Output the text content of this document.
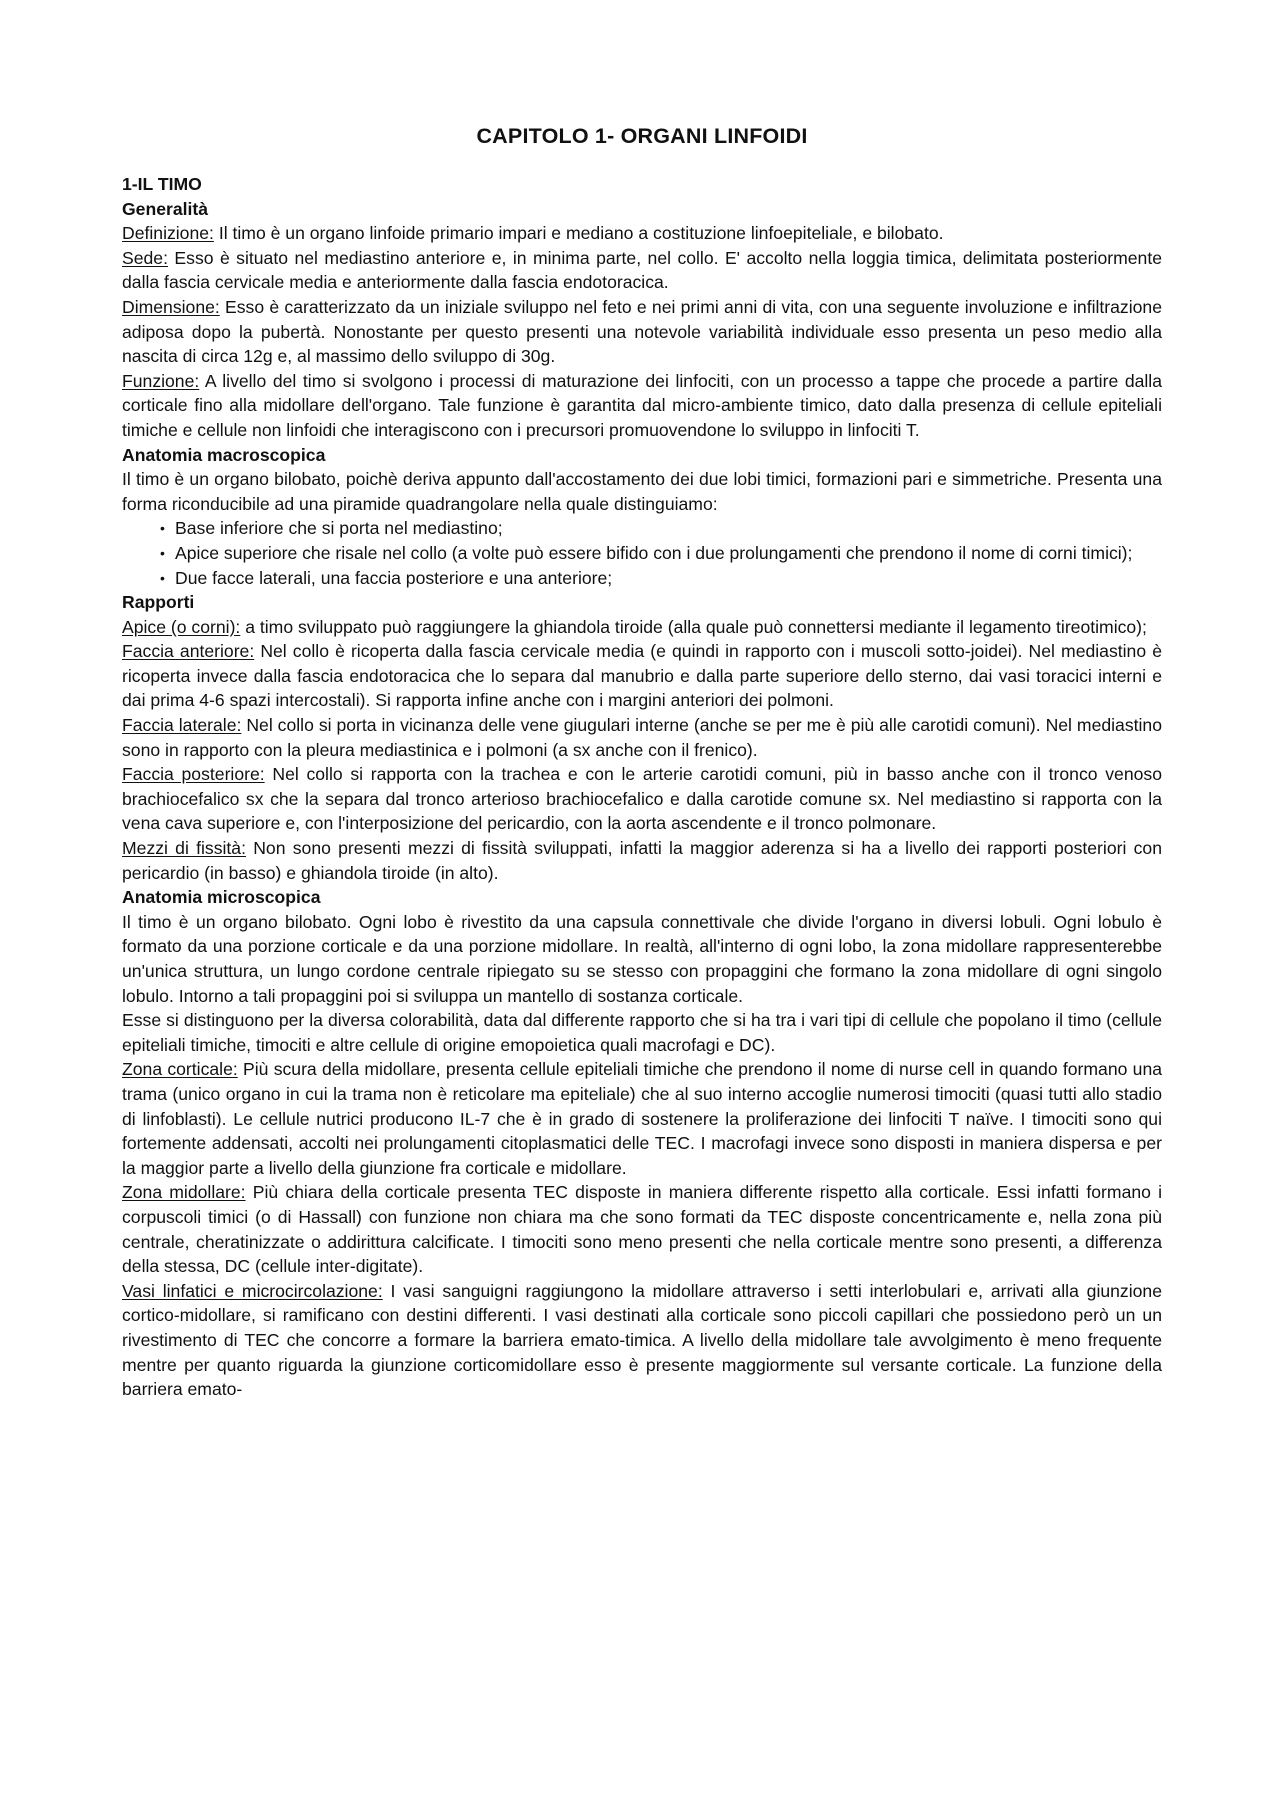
CAPITOLO 1- ORGANI LINFOIDI
1-IL TIMO
Generalità

Definizione: Il timo è un organo linfoide primario impari e mediano a costituzione linfoepiteliale, e bilobato.

Sede: Esso è situato nel mediastino anteriore e, in minima parte, nel collo. E' accolto nella loggia timica, delimitata posteriormente dalla fascia cervicale media e anteriormente dalla fascia endotoracica.

Dimensione: Esso è caratterizzato da un iniziale sviluppo nel feto e nei primi anni di vita, con una seguente involuzione e infiltrazione adiposa dopo la pubertà. Nonostante per questo presenti una notevole variabilità individuale esso presenta un peso medio alla nascita di circa 12g e, al massimo dello sviluppo di 30g.

Funzione: A livello del timo si svolgono i processi di maturazione dei linfociti, con un processo a tappe che procede a partire dalla corticale fino alla midollare dell'organo. Tale funzione è garantita dal micro-ambiente timico, dato dalla presenza di cellule epiteliali timiche e cellule non linfoidi che interagiscono con i precursori promuovendone lo sviluppo in linfociti T.

Anatomia macroscopica

Il timo è un organo bilobato, poichè deriva appunto dall'accostamento dei due lobi timici, formazioni pari e simmetriche. Presenta una forma riconducibile ad una piramide quadrangolare nella quale distinguiamo:

• Base inferiore che si porta nel mediastino;
• Apice superiore che risale nel collo (a volte può essere bifido con i due prolungamenti che prendono il nome di corni timici);
• Due facce laterali, una faccia posteriore e una anteriore;
Rapporti

Apice (o corni): a timo sviluppato può raggiungere la ghiandola tiroide (alla quale può connettersi mediante il legamento tireotimico);

Faccia anteriore: Nel collo è ricoperta dalla fascia cervicale media (e quindi in rapporto con i muscoli sotto-joidei). Nel mediastino è ricoperta invece dalla fascia endotoracica che lo separa dal manubrio e dalla parte superiore dello sterno, dai vasi toracici interni e dai prima 4-6 spazi intercostali). Si rapporta infine anche con i margini anteriori dei polmoni.

Faccia laterale: Nel collo si porta in vicinanza delle vene giugulari interne (anche se per me è più alle carotidi comuni). Nel mediastino sono in rapporto con la pleura mediastinica e i polmoni (a sx anche con il frenico).

Faccia posteriore: Nel collo si rapporta con la trachea e con le arterie carotidi comuni, più in basso anche con il tronco venoso brachiocefalico sx che la separa dal tronco arterioso brachiocefalico e dalla carotide comune sx. Nel mediastino si rapporta con la vena cava superiore e, con l'interposizione del pericardio, con la aorta ascendente e il tronco polmonare.

Mezzi di fissità: Non sono presenti mezzi di fissità sviluppati, infatti la maggior aderenza si ha a livello dei rapporti posteriori con pericardio (in basso) e ghiandola tiroide (in alto).

Anatomia microscopica

Il timo è un organo bilobato. Ogni lobo è rivestito da una capsula connettivale che divide l'organo in diversi lobuli. Ogni lobulo è formato da una porzione corticale e da una porzione midollare. In realtà, all'interno di ogni lobo, la zona midollare rappresenterebbe un'unica struttura, un lungo cordone centrale ripiegato su se stesso con propaggini che formano la zona midollare di ogni singolo lobulo. Intorno a tali propaggini poi si sviluppa un mantello di sostanza corticale.

Esse si distinguono per la diversa colorabilità, data dal differente rapporto che si ha tra i vari tipi di cellule che popolano il timo (cellule epiteliali timiche, timociti e altre cellule di origine emopoietica quali macrofagi e DC).

Zona corticale: Più scura della midollare, presenta cellule epiteliali timiche che prendono il nome di nurse cell in quando formano una trama (unico organo in cui la trama non è reticolare ma epiteliale) che al suo interno accoglie numerosi timociti (quasi tutti allo stadio di linfoblasti). Le cellule nutrici producono IL-7 che è in grado di sostenere la proliferazione dei linfociti T naïve. I timociti sono qui fortemente addensati, accolti nei prolungamenti citoplasmatici delle TEC. I macrofagi invece sono disposti in maniera dispersa e per la maggior parte a livello della giunzione fra corticale e midollare.

Zona midollare: Più chiara della corticale presenta TEC disposte in maniera differente rispetto alla corticale. Essi infatti formano i corpuscoli timici (o di Hassall) con funzione non chiara ma che sono formati da TEC disposte concentricamente e, nella zona più centrale, cheratinizzate o addirittura calcificate. I timociti sono meno presenti che nella corticale mentre sono presenti, a differenza della stessa, DC (cellule inter-digitate).

Vasi linfatici e microcircolazione: I vasi sanguigni raggiungono la midollare attraverso i setti interlobulari e, arrivati alla giunzione cortico-midollare, si ramificano con destini differenti. I vasi destinati alla corticale sono piccoli capillari che possiedono però un un rivestimento di TEC che concorre a formare la barriera emato-timica. A livello della midollare tale avvolgimento è meno frequente mentre per quanto riguarda la giunzione corticomidollare esso è presente maggiormente sul versante corticale. La funzione della barriera emato-
